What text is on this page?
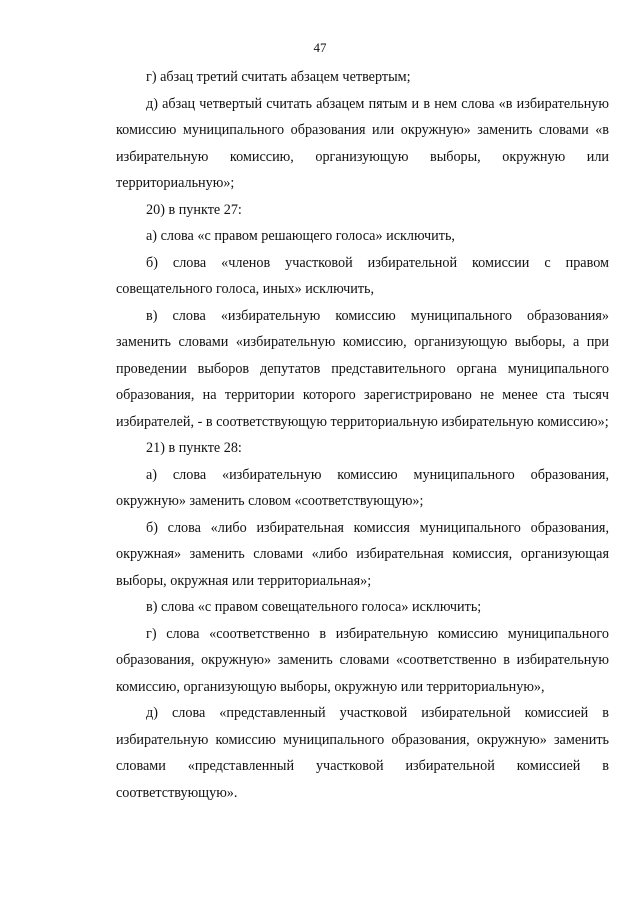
47

г) абзац третий считать абзацем четвертым;

д) абзац четвертый считать абзацем пятым и в нем слова «в избирательную комиссию муниципального образования или окружную» заменить словами «в избирательную комиссию, организующую выборы, окружную или территориальную»;

20) в пункте 27:

а) слова «с правом решающего голоса» исключить,

б) слова «членов участковой избирательной комиссии с правом совещательного голоса, иных» исключить,

в) слова «избирательную комиссию муниципального образования» заменить словами «избирательную комиссию, организующую выборы, а при проведении выборов депутатов представительного органа муниципального образования, на территории которого зарегистрировано не менее ста тысяч избирателей, - в соответствующую территориальную избирательную комиссию»;

21) в пункте 28:

а) слова «избирательную комиссию муниципального образования, окружную» заменить словом «соответствующую»;

б) слова «либо избирательная комиссия муниципального образования, окружная» заменить словами «либо избирательная комиссия, организующая выборы, окружная или территориальная»;

в) слова «с правом совещательного голоса» исключить;

г) слова «соответственно в избирательную комиссию муниципального образования, окружную» заменить словами «соответственно в избирательную комиссию, организующую выборы, окружную или территориальную»,

д) слова «представленный участковой избирательной комиссией в избирательную комиссию муниципального образования, окружную» заменить словами «представленный участковой избирательной комиссией в соответствующую».
